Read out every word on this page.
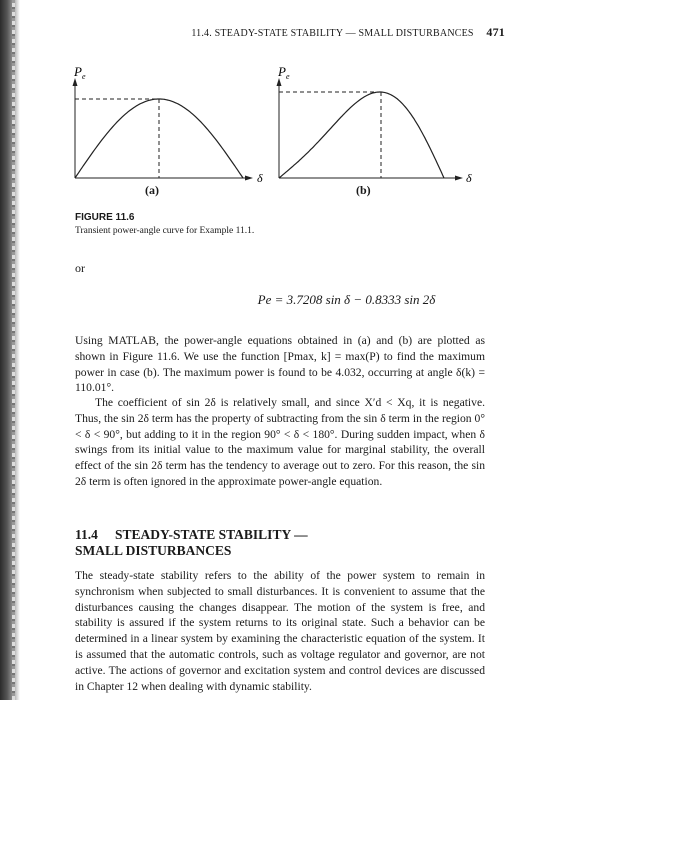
11.4. STEADY-STATE STABILITY — SMALL DISTURBANCES 471
P e
δ
(a)
P e
δ
(b)
FIGURE 11.6
Transient power-angle curve for Example 11.1.
or
Pe = 3.7208 sin δ − 0.8333 sin 2δ

Using MATLAB, the power-angle equations obtained in (a) and (b) are plotted as shown in Figure 11.6. We use the function [Pmax, k] = max(P) to find the maximum power in case (b). The maximum power is found to be 4.032, occurring at angle δ(k) = 110.01°.

The coefficient of sin 2δ is relatively small, and since X′d < Xq, it is negative. Thus, the sin 2δ term has the property of subtracting from the sin δ term in the region 0° < δ < 90°, but adding to it in the region 90° < δ < 180°. During sudden impact, when δ swings from its initial value to the maximum value for marginal stability, the overall effect of the sin 2δ term has the tendency to average out to zero. For this reason, the sin 2δ term is often ignored in the approximate power-angle equation.

11.4 STEADY-STATE STABILITY —
SMALL DISTURBANCES

The steady-state stability refers to the ability of the power system to remain in synchronism when subjected to small disturbances. It is convenient to assume that the disturbances causing the changes disappear. The motion of the system is free, and stability is assured if the system returns to its original state. Such a behavior can be determined in a linear system by examining the characteristic equation of the system. It is assumed that the automatic controls, such as voltage regulator and governor, are not active. The actions of governor and excitation system and control devices are discussed in Chapter 12 when dealing with dynamic stability.
